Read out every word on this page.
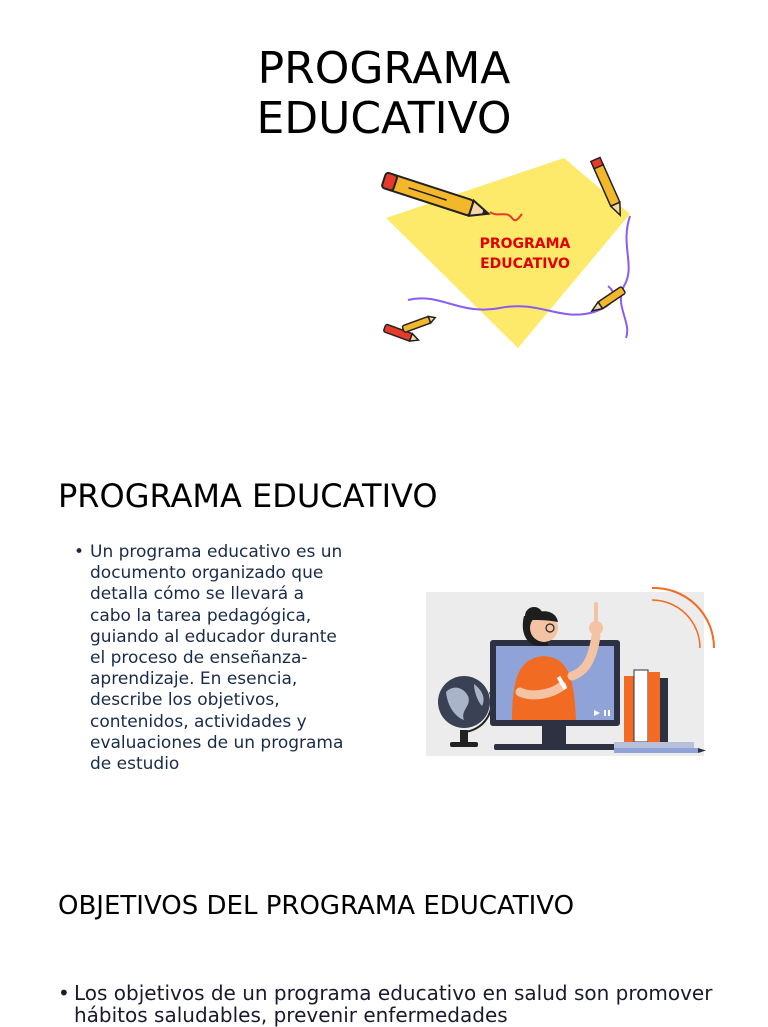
PROGRAMA
EDUCATIVO
PROGRAMA
EDUCATIVO
PROGRAMA EDUCATIVO
• Un programa educativo es un documento organizado que detalla cómo se llevará a cabo la tarea pedagógica, guiando al educador durante el proceso de enseñanza-aprendizaje. En esencia, describe los objetivos, contenidos, actividades y evaluaciones de un programa de estudio
OBJETIVOS DEL PROGRAMA EDUCATIVO
• Los objetivos de un programa educativo en salud son promover hábitos saludables, prevenir enfermedades
